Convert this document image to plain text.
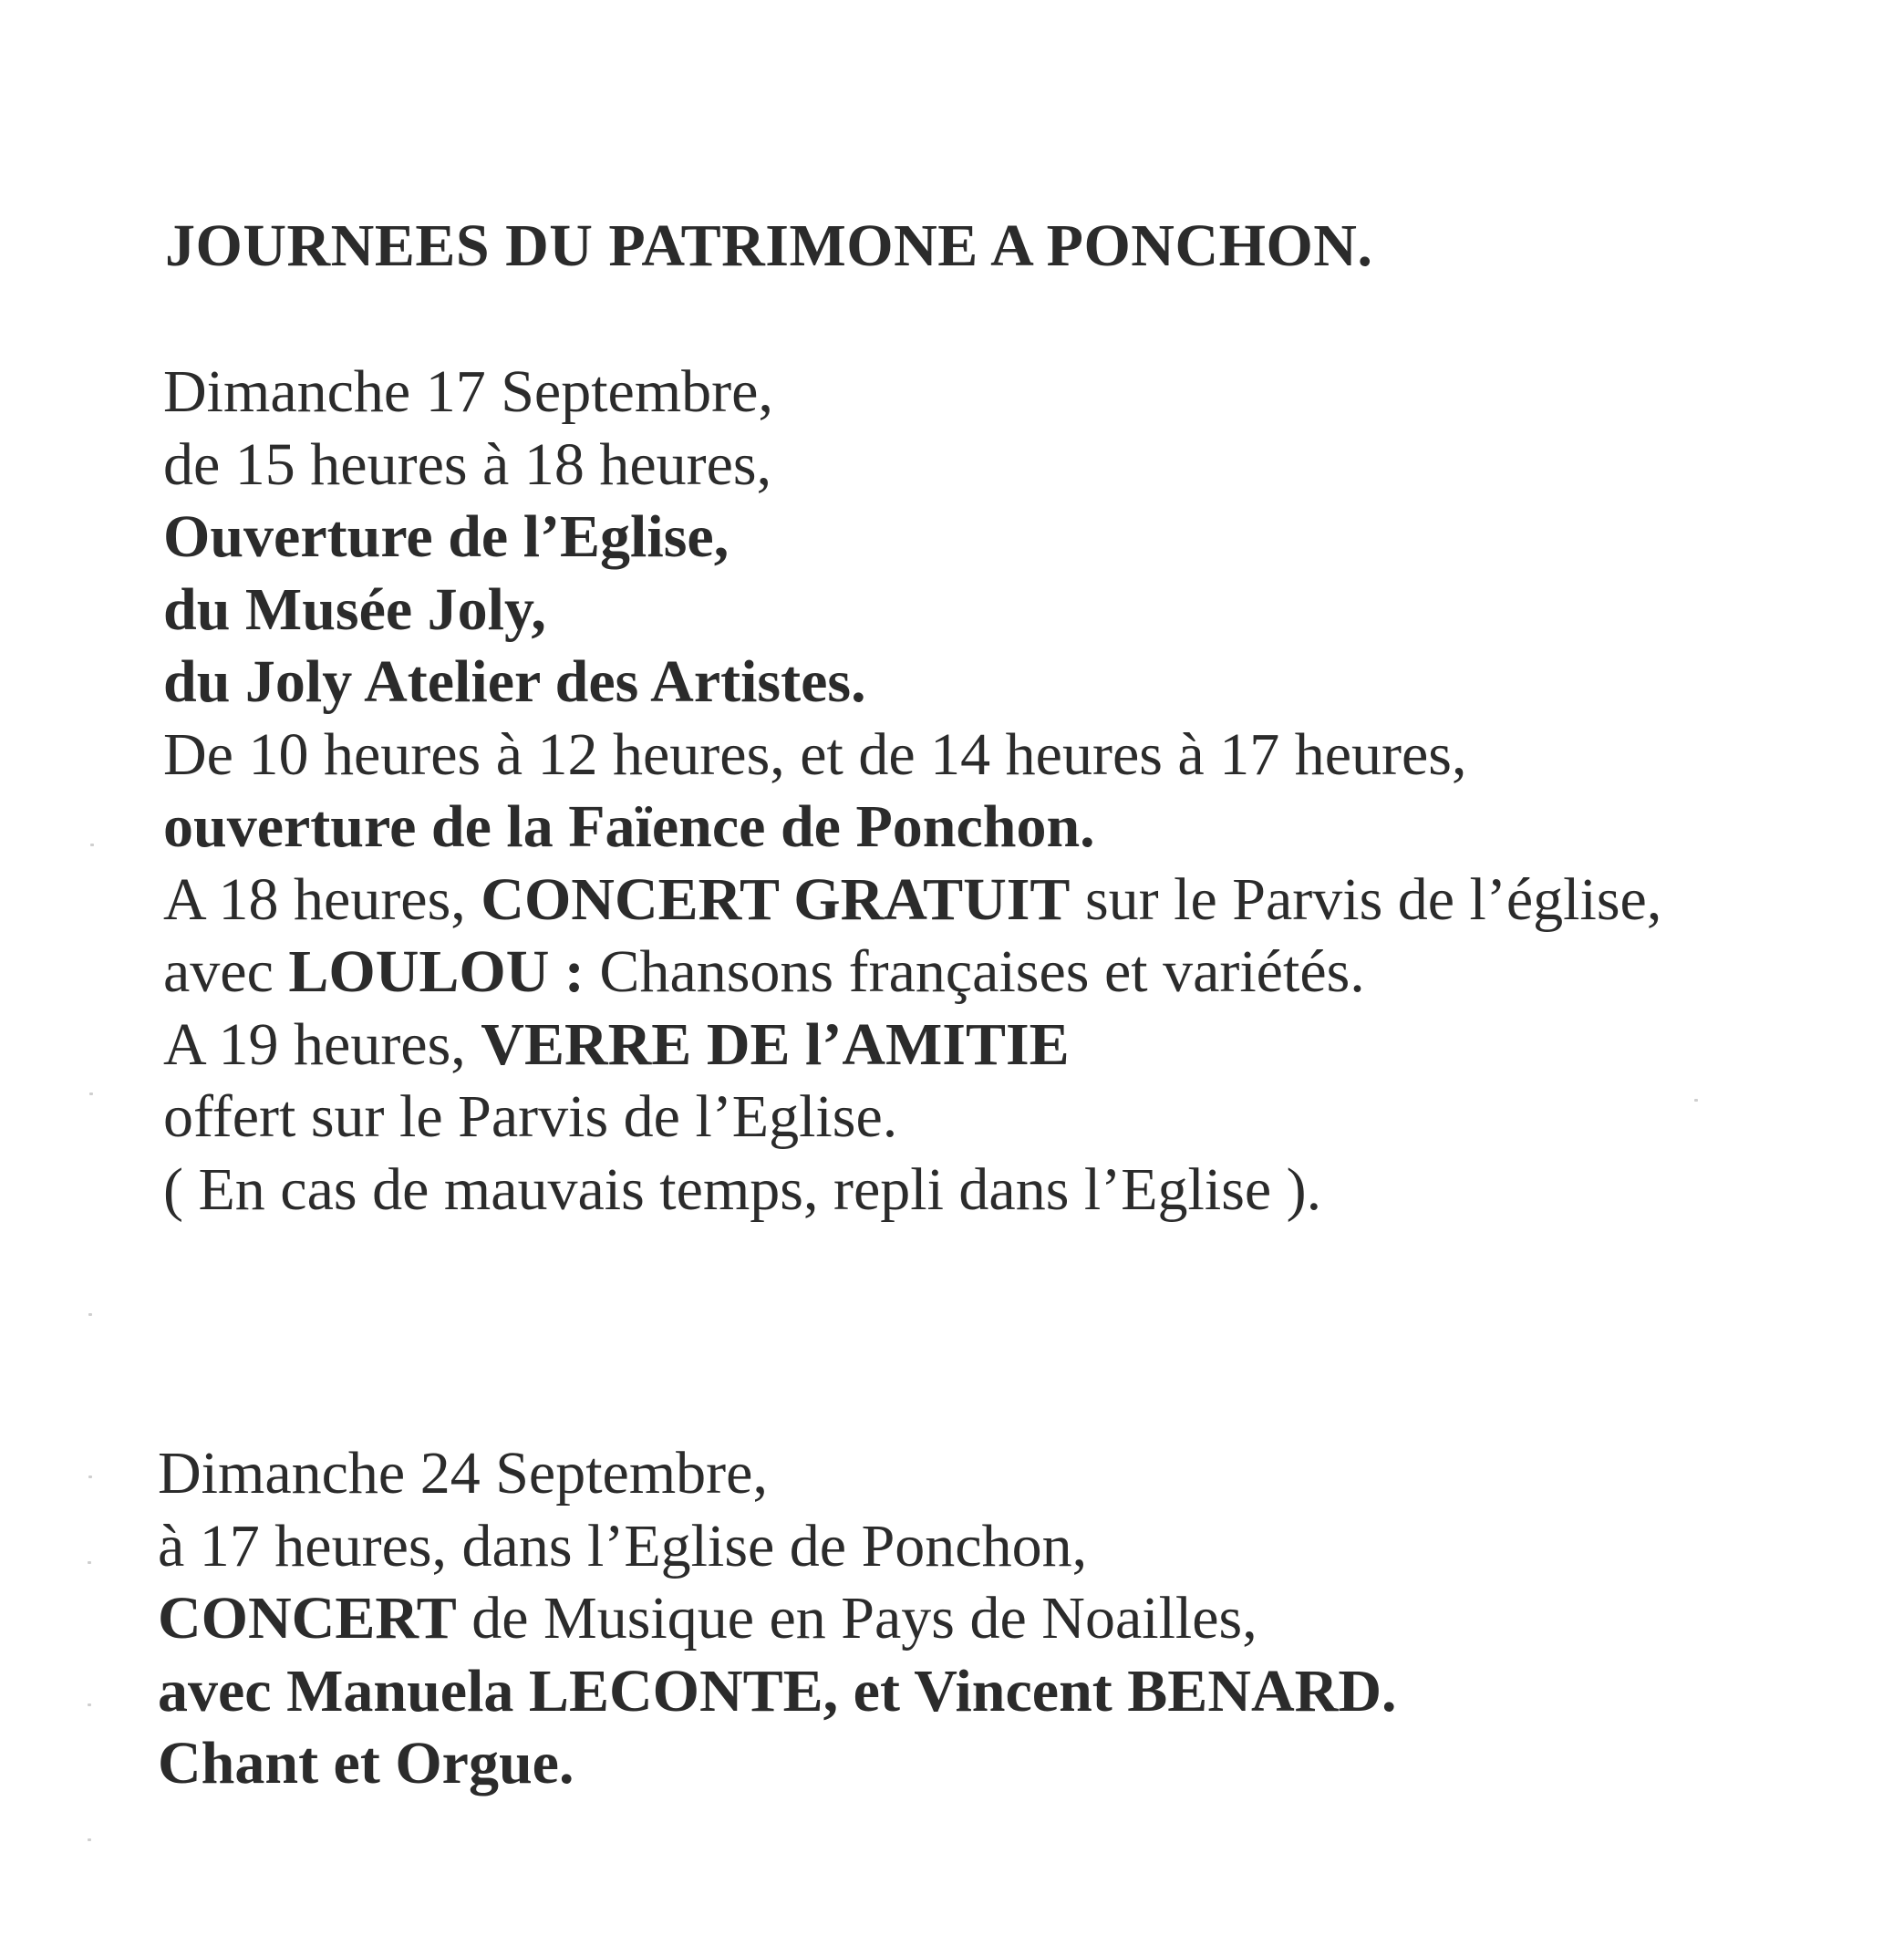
JOURNEES DU PATRIMONE A PONCHON.
Dimanche 17 Septembre,
de 15 heures à 18 heures,
Ouverture de l’Eglise,
du Musée Joly,
du Joly Atelier des Artistes.
De 10 heures à 12 heures, et de 14 heures à 17 heures,
ouverture de la Faïence de Ponchon.
A 18 heures, CONCERT GRATUIT sur le Parvis de l’église,
avec LOULOU : Chansons françaises et variétés.
A 19 heures, VERRE DE l’AMITIE
offert sur le Parvis de l’Eglise.
( En cas de mauvais temps, repli dans l’Eglise ).
Dimanche 24 Septembre,
à 17 heures, dans l’Eglise de Ponchon,
CONCERT de Musique en Pays de Noailles,
avec Manuela LECONTE, et Vincent BENARD.
Chant et Orgue.
